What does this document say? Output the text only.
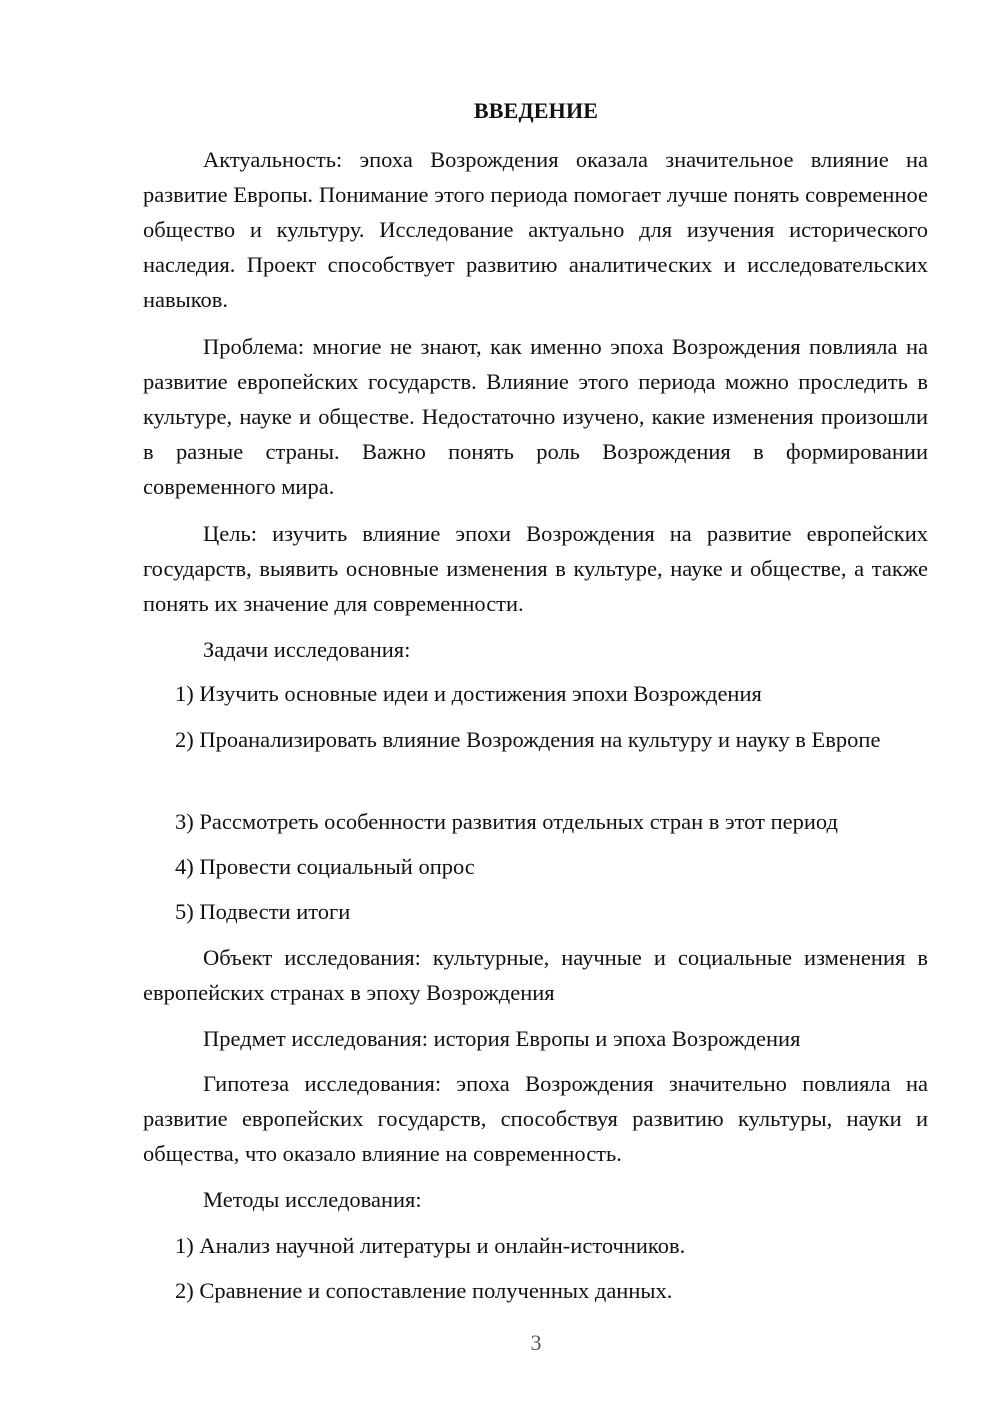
ВВЕДЕНИЕ

Актуальность: эпоха Возрождения оказала значительное влияние на развитие Европы. Понимание этого периода помогает лучше понять современное общество и культуру. Исследование актуально для изучения исторического наследия. Проект способствует развитию аналитических и исследовательских навыков.

Проблема: многие не знают, как именно эпоха Возрождения повлияла на развитие европейских государств. Влияние этого периода можно проследить в культуре, науке и обществе. Недостаточно изучено, какие изменения произошли в разные страны. Важно понять роль Возрождения в формировании современного мира.

Цель: изучить влияние эпохи Возрождения на развитие европейских государств, выявить основные изменения в культуре, науке и обществе, а также понять их значение для современности.

Задачи исследования:

1) Изучить основные идеи и достижения эпохи Возрождения

2) Проанализировать влияние Возрождения на культуру и науку в Европе

3) Рассмотреть особенности развития отдельных стран в этот период

4) Провести социальный опрос

5) Подвести итоги

Объект исследования: культурные, научные и социальные изменения в европейских странах в эпоху Возрождения

Предмет исследования: история Европы и эпоха Возрождения

Гипотеза исследования: эпоха Возрождения значительно повлияла на развитие европейских государств, способствуя развитию культуры, науки и общества, что оказало влияние на современность.

Методы исследования:

1) Анализ научной литературы и онлайн-источников.

2) Сравнение и сопоставление полученных данных.

3
